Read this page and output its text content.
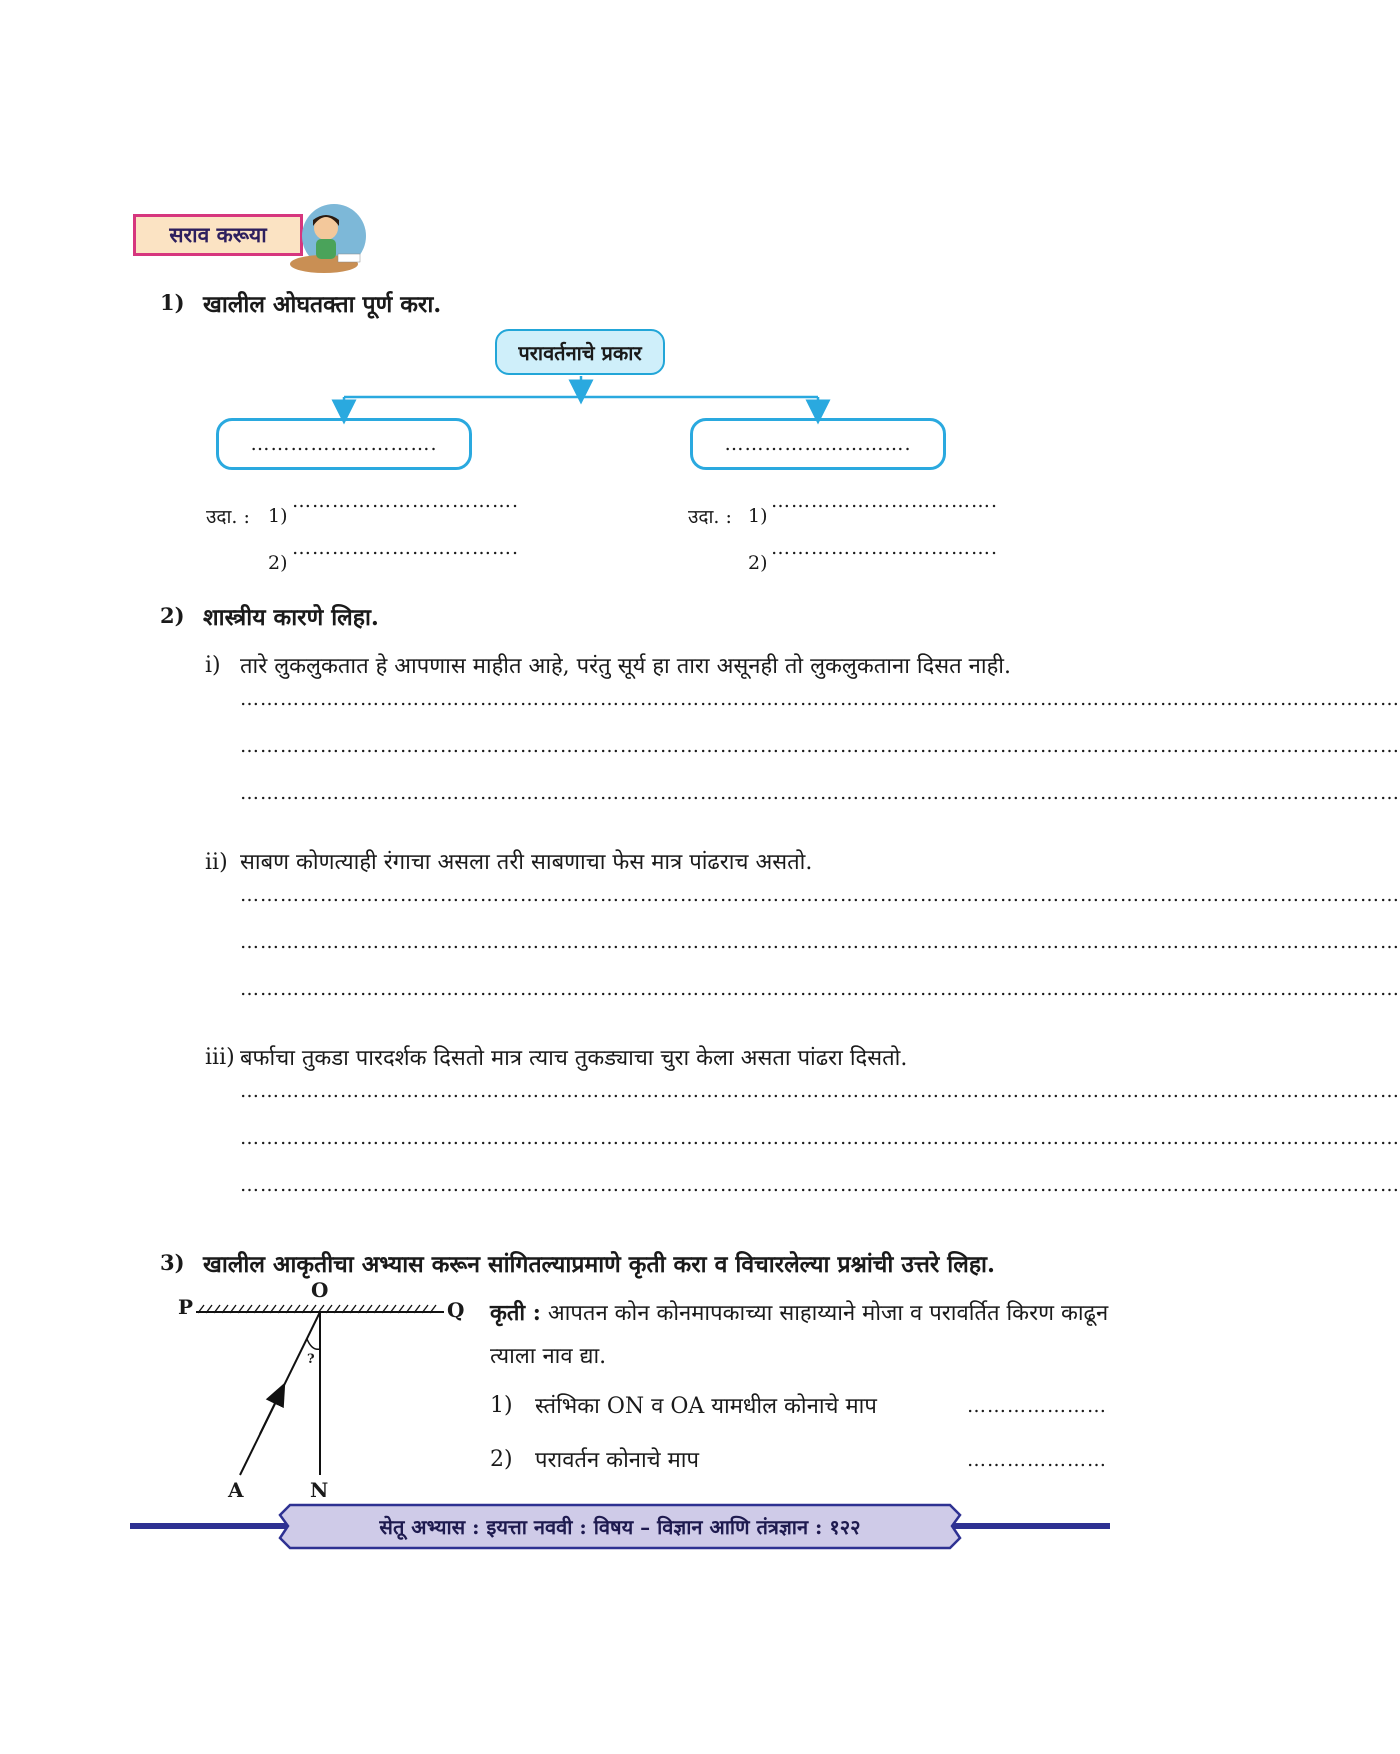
सराव करूया
1) खालील ओघतक्ता पूर्ण करा.
परावर्तनाचे प्रकार
……………………….	……………………….
उदा. : 1)
…………………………….
2)
…………………………….
उदा. : 1)
…………………………….
2)
…………………………….
2) शास्त्रीय कारणे लिहा.
i) तारे लुकलुकतात हे आपणास माहीत आहे, परंतु सूर्य हा तारा असूनही तो लुकलुकताना दिसत नाही.
…………………………………………………………………………………………………………………………………………………………
…………………………………………………………………………………………………………………………………………………………
…………………………………………………………………………………………………………………………………………………………
ii) साबण कोणत्याही रंगाचा असला तरी साबणाचा फेस मात्र पांढराच असतो.
…………………………………………………………………………………………………………………………………………………………
…………………………………………………………………………………………………………………………………………………………
…………………………………………………………………………………………………………………………………………………………
iii) बर्फाचा तुकडा पारदर्शक दिसतो मात्र त्याच तुकड्याचा चुरा केला असता पांढरा दिसतो.
…………………………………………………………………………………………………………………………………………………………
…………………………………………………………………………………………………………………………………………………………
…………………………………………………………………………………………………………………………………………………………
3) खालील आकृतीचा अभ्यास करून सांगितल्याप्रमाणे कृती करा व विचारलेल्या प्रश्नांची उत्तरे लिहा.
P	Q
O
A	N
?
कृती : आपतन कोन कोनमापकाच्या साहाय्याने मोजा व परावर्तित किरण काढून त्याला नाव द्या.
1) स्तंभिका ON व OA यामधील कोनाचे माप	…………………
2) परावर्तन कोनाचे माप	…………………
सेतू अभ्यास : इयत्ता नववी : विषय – विज्ञान आणि तंत्रज्ञान : १२२
